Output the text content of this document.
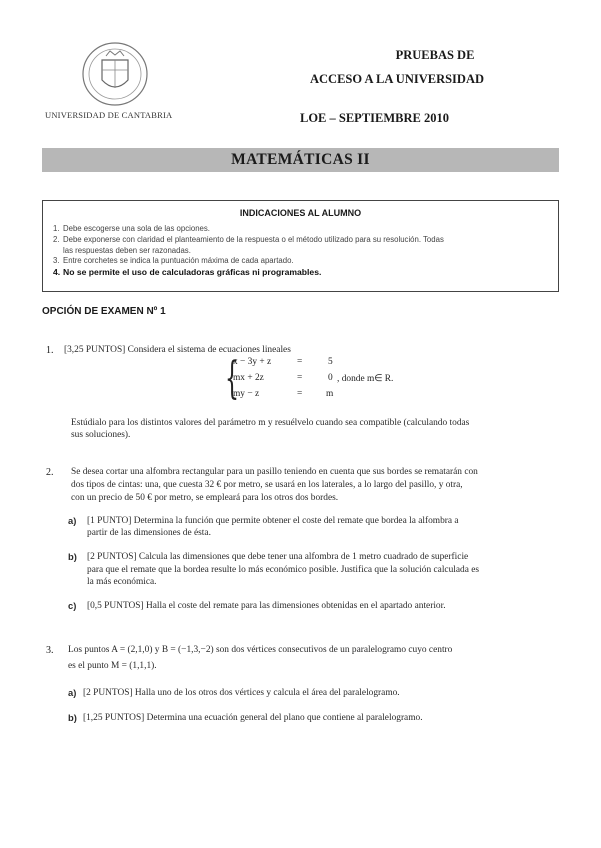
UNIVERSIDAD DE CANTABRIA
PRUEBAS DE
ACCESO A LA UNIVERSIDAD
LOE – SEPTIEMBRE 2010
MATEMÁTICAS II
INDICACIONES AL ALUMNO
1. Debe escogerse una sola de las opciones.
2. Debe exponerse con claridad el planteamiento de la respuesta o el método utilizado para su resolución. Todas
las respuestas deben ser razonadas.
3. Entre corchetes se indica la puntuación máxima de cada apartado.
4. No se permite el uso de calculadoras gráficas ni programables.
OPCIÓN DE EXAMEN Nº 1
1. [3,25 PUNTOS] Considera el sistema de ecuaciones lineales
{
x − 3y + z	=	5
mx + 2z	=	0 , donde m∈ R.
my − z	=	m
Estúdialo para los distintos valores del parámetro m y resuélvelo cuando sea compatible (calculando todas
sus soluciones).
2. Se desea cortar una alfombra rectangular para un pasillo teniendo en cuenta que sus bordes se rematarán con
dos tipos de cintas: una, que cuesta 32 € por metro, se usará en los laterales, a lo largo del pasillo, y otra,
con un precio de 50 € por metro, se empleará para los otros dos bordes.
a) [1 PUNTO] Determina la función que permite obtener el coste del remate que bordea la alfombra a
partir de las dimensiones de ésta.
b) [2 PUNTOS] Calcula las dimensiones que debe tener una alfombra de 1 metro cuadrado de superficie
para que el remate que la bordea resulte lo más económico posible. Justifica que la solución calculada es
la más económica.
c) [0,5 PUNTOS] Halla el coste del remate para las dimensiones obtenidas en el apartado anterior.
3. Los puntos A = (2,1,0) y B = (−1,3,−2) son dos vértices consecutivos de un paralelogramo cuyo centro
es el punto M = (1,1,1).
a) [2 PUNTOS] Halla uno de los otros dos vértices y calcula el área del paralelogramo.
b) [1,25 PUNTOS] Determina una ecuación general del plano que contiene al paralelogramo.
